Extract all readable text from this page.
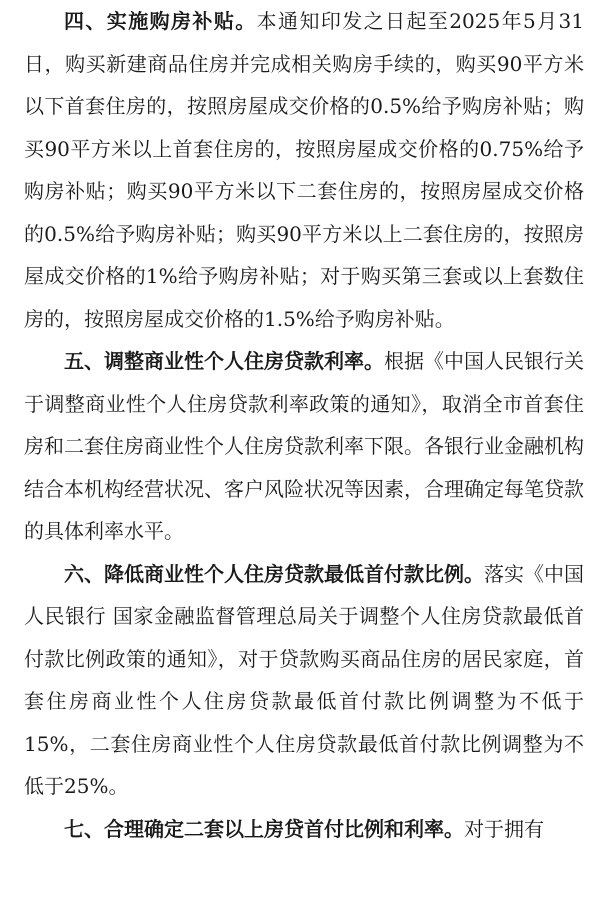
四、实施购房补贴。本通知印发之日起至2025年5月31日，购买新建商品住房并完成相关购房手续的，购买90平方米以下首套住房的，按照房屋成交价格的0.5%给予购房补贴；购买90平方米以上首套住房的，按照房屋成交价格的0.75%给予购房补贴；购买90平方米以下二套住房的，按照房屋成交价格的0.5%给予购房补贴；购买90平方米以上二套住房的，按照房屋成交价格的1%给予购房补贴；对于购买第三套或以上套数住房的，按照房屋成交价格的1.5%给予购房补贴。

五、调整商业性个人住房贷款利率。根据《中国人民银行关于调整商业性个人住房贷款利率政策的通知》，取消全市首套住房和二套住房商业性个人住房贷款利率下限。各银行业金融机构结合本机构经营状况、客户风险状况等因素，合理确定每笔贷款的具体利率水平。

六、降低商业性个人住房贷款最低首付款比例。落实《中国人民银行 国家金融监督管理总局关于调整个人住房贷款最低首付款比例政策的通知》，对于贷款购买商品住房的居民家庭，首套住房商业性个人住房贷款最低首付款比例调整为不低于15%，二套住房商业性个人住房贷款最低首付款比例调整为不低于25%。

七、合理确定二套以上房贷首付比例和利率。对于拥有
